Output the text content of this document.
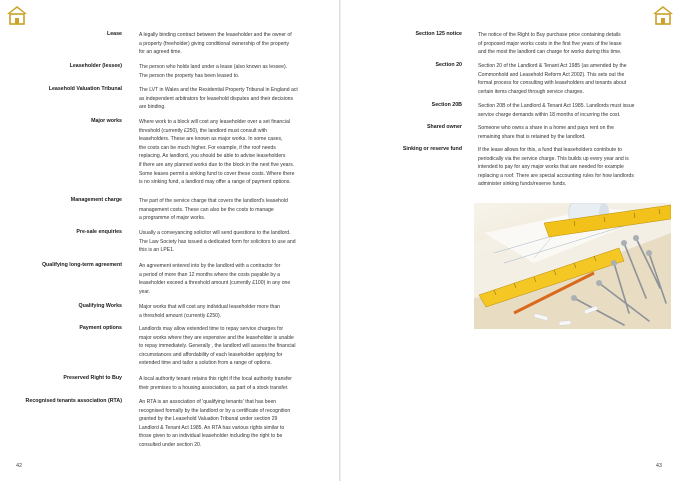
Lease	A legally binding contract between the leaseholder and the owner of
a property (freeholder) giving conditional ownership of the property
for an agreed time.
Leaseholder (lessee)	The person who holds land under a lease (also known as lessee).
The person the property has been leased to.
Leasehold Valuation Tribunal	The LVT in Wales and the Residential Property Tribunal in England act
as independent arbitrators for leasehold disputes and their decisions
are binding.
Major works	Where work to a block will cost any leaseholder over a set financial
threshold (currently £250), the landlord must consult with
leaseholders. These are known as major works. In some cases,
the costs can be much higher. For example, if the roof needs
replacing. As landlord, you should be able to advise leaseholders
if there are any planned works due to the block in the next five years.
Some leases permit a sinking fund to cover these costs. Where there
is no sinking fund, a landlord may offer a range of payment options.
Management charge	The part of the service charge that covers the landlord's leasehold
management costs. These can also be the costs to manage
a programme of major works.
Pre-sale enquiries	Usually a conveyancing solicitor will send questions to the landlord.
The Law Society has issued a dedicated form for solicitors to use and
this is an LPE1.
Qualifying long-term agreement	An agreement entered into by the landlord with a contractor for
a period of more than 12 months where the costs payable by a
leaseholder exceed a threshold amount (currently £100) in any one
year.
Qualifying Works	Major works that will cost any individual leaseholder more than
a threshold amount (currently £250).
Payment options	Landlords may allow extended time to repay service charges for
major works where they are expensive and the leaseholder is unable
to repay immediately. Generally , the landlord will assess the financial
circumstances and affordability of each leaseholder applying for
extended time and tailor a solution from a range of options.
Preserved Right to Buy	A local authority tenant retains this right if the local authority transfer
their premises to a housing association, as part of a stock transfer.
Recognised tenants association (RTA)	An RTA is an association of 'qualifying tenants' that has been
recognised formally by the landlord or by a certificate of recognition
granted by the Leasehold Valuation Tribunal under section 29
Landlord & Tenant Act 1985. An RTA has various rights similar to
those given to an individual leaseholder including the right to be
consulted under section 20.
42
Section 125 notice	The notice of the Right to Buy purchase price containing details
of proposed major works costs in the first five years of the lease
and the most the landlord can charge for works during this time.
Section 20	Section 20 of the Landlord & Tenant Act 1985 (as amended by the
Commonhold and Leasehold Reform Act 2002). This sets out the
formal process for consulting with leaseholders and tenants about
certain items charged through service charges.
Section 20B	Section 20B of the Landlord & Tenant Act 1985. Landlords must issue
service charge demands within 18 months of incurring the cost.
Shared owner	Someone who owns a share in a home and pays rent on the
remaining share that is retained by the landlord.
Sinking or reserve fund	If the lease allows for this, a fund that leaseholders contribute to
periodically via the service charge. This builds up every year and is
intended to pay for any major works that are needed for example
replacing a roof. There are special accounting rules for how landlords
administer sinking funds/reserve funds.
43
